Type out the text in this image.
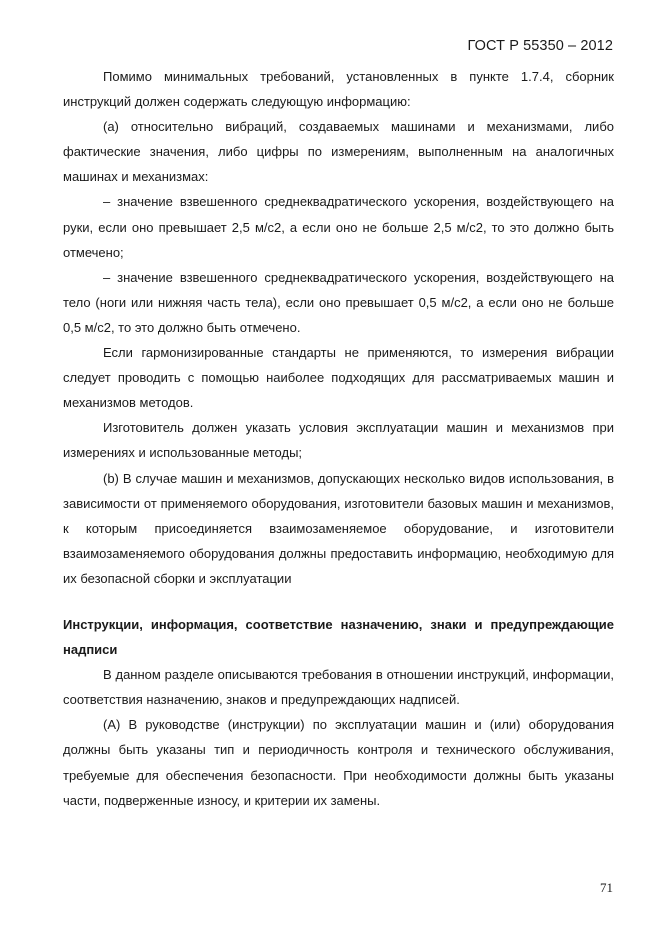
ГОСТ Р 55350 – 2012

Помимо минимальных требований, установленных в пункте 1.7.4, сборник инструкций должен содержать следующую информацию:

(a) относительно вибраций, создаваемых машинами и механизмами, либо фактические значения, либо цифры по измерениям, выполненным на аналогичных машинах и механизмах:

– значение взвешенного среднеквадратического ускорения, воздействующего на руки, если оно превышает 2,5 м/с2, а если оно не больше 2,5 м/с2, то это должно быть отмечено;

– значение взвешенного среднеквадратического ускорения, воздействующего на тело (ноги или нижняя часть тела), если оно превышает 0,5 м/с2, а если оно не больше 0,5 м/с2, то это должно быть отмечено.

Если гармонизированные стандарты не применяются, то измерения вибрации следует проводить с помощью наиболее подходящих для рассматриваемых машин и механизмов методов.

Изготовитель должен указать условия эксплуатации машин и механизмов при измерениях и использованные методы;

(b) В случае машин и механизмов, допускающих несколько видов использования, в зависимости от применяемого оборудования, изготовители базовых машин и механизмов, к которым присоединяется взаимозаменяемое оборудование, и изготовители взаимозаменяемого оборудования должны предоставить информацию, необходимую для их безопасной сборки и эксплуатации

Инструкции, информация, соответствие назначению, знаки и предупреждающие надписи

В данном разделе описываются требования в отношении инструкций, информации, соответствия назначению, знаков и предупреждающих надписей.

(A) В руководстве (инструкции) по эксплуатации машин и (или) оборудования должны быть указаны тип и периодичность контроля и технического обслуживания, требуемые для обеспечения безопасности. При необходимости должны быть указаны части, подверженные износу, и критерии их замены.

71
